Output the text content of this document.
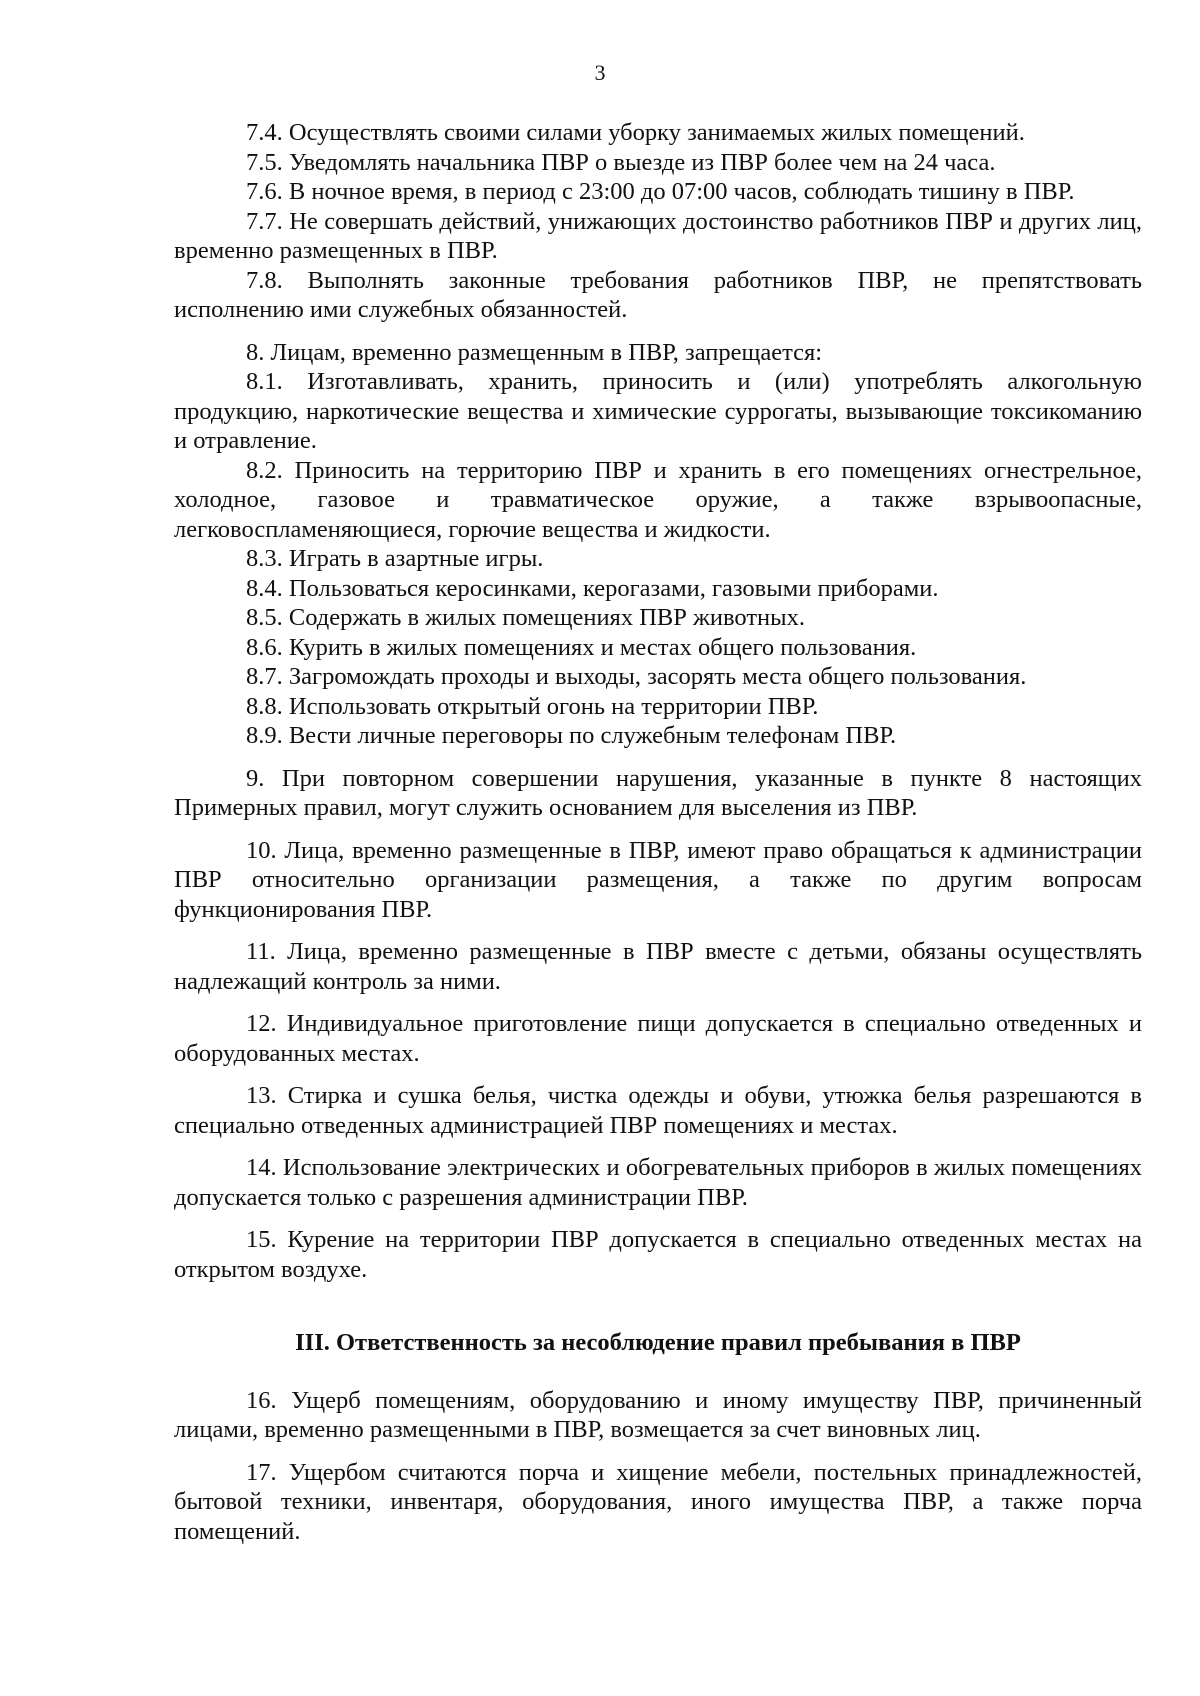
3

7.4. Осуществлять своими силами уборку занимаемых жилых помещений.

7.5. Уведомлять начальника ПВР о выезде из ПВР более чем на 24 часа.

7.6. В ночное время, в период с 23:00 до 07:00 часов, соблюдать тишину в ПВР.

7.7. Не совершать действий, унижающих достоинство работников ПВР и других лиц, временно размещенных в ПВР.

7.8. Выполнять законные требования работников ПВР, не препятствовать исполнению ими служебных обязанностей.

8. Лицам, временно размещенным в ПВР, запрещается:

8.1. Изготавливать, хранить, приносить и (или) употреблять алкогольную продукцию, наркотические вещества и химические суррогаты, вызывающие токсикоманию и отравление.

8.2. Приносить на территорию ПВР и хранить в его помещениях огнестрельное, холодное, газовое и травматическое оружие, а также взрывоопасные, легковоспламеняющиеся, горючие вещества и жидкости.

8.3. Играть в азартные игры.

8.4. Пользоваться керосинками, керогазами, газовыми приборами.

8.5. Содержать в жилых помещениях ПВР животных.

8.6. Курить в жилых помещениях и местах общего пользования.

8.7. Загромождать проходы и выходы, засорять места общего пользования.

8.8. Использовать открытый огонь на территории ПВР.

8.9. Вести личные переговоры по служебным телефонам ПВР.

9. При повторном совершении нарушения, указанные в пункте 8 настоящих Примерных правил, могут служить основанием для выселения из ПВР.

10. Лица, временно размещенные в ПВР, имеют право обращаться к администрации ПВР относительно организации размещения, а также по другим вопросам функционирования ПВР.

11. Лица, временно размещенные в ПВР вместе с детьми, обязаны осуществлять надлежащий контроль за ними.

12. Индивидуальное приготовление пищи допускается в специально отведенных и оборудованных местах.

13. Стирка и сушка белья, чистка одежды и обуви, утюжка белья разрешаются в специально отведенных администрацией ПВР помещениях и местах.

14. Использование электрических и обогревательных приборов в жилых помещениях допускается только с разрешения администрации ПВР.

15. Курение на территории ПВР допускается в специально отведенных местах на открытом воздухе.

III. Ответственность за несоблюдение правил пребывания в ПВР

16. Ущерб помещениям, оборудованию и иному имуществу ПВР, причиненный лицами, временно размещенными в ПВР, возмещается за счет виновных лиц.

17. Ущербом считаются порча и хищение мебели, постельных принадлежностей, бытовой техники, инвентаря, оборудования, иного имущества ПВР, а также порча помещений.
